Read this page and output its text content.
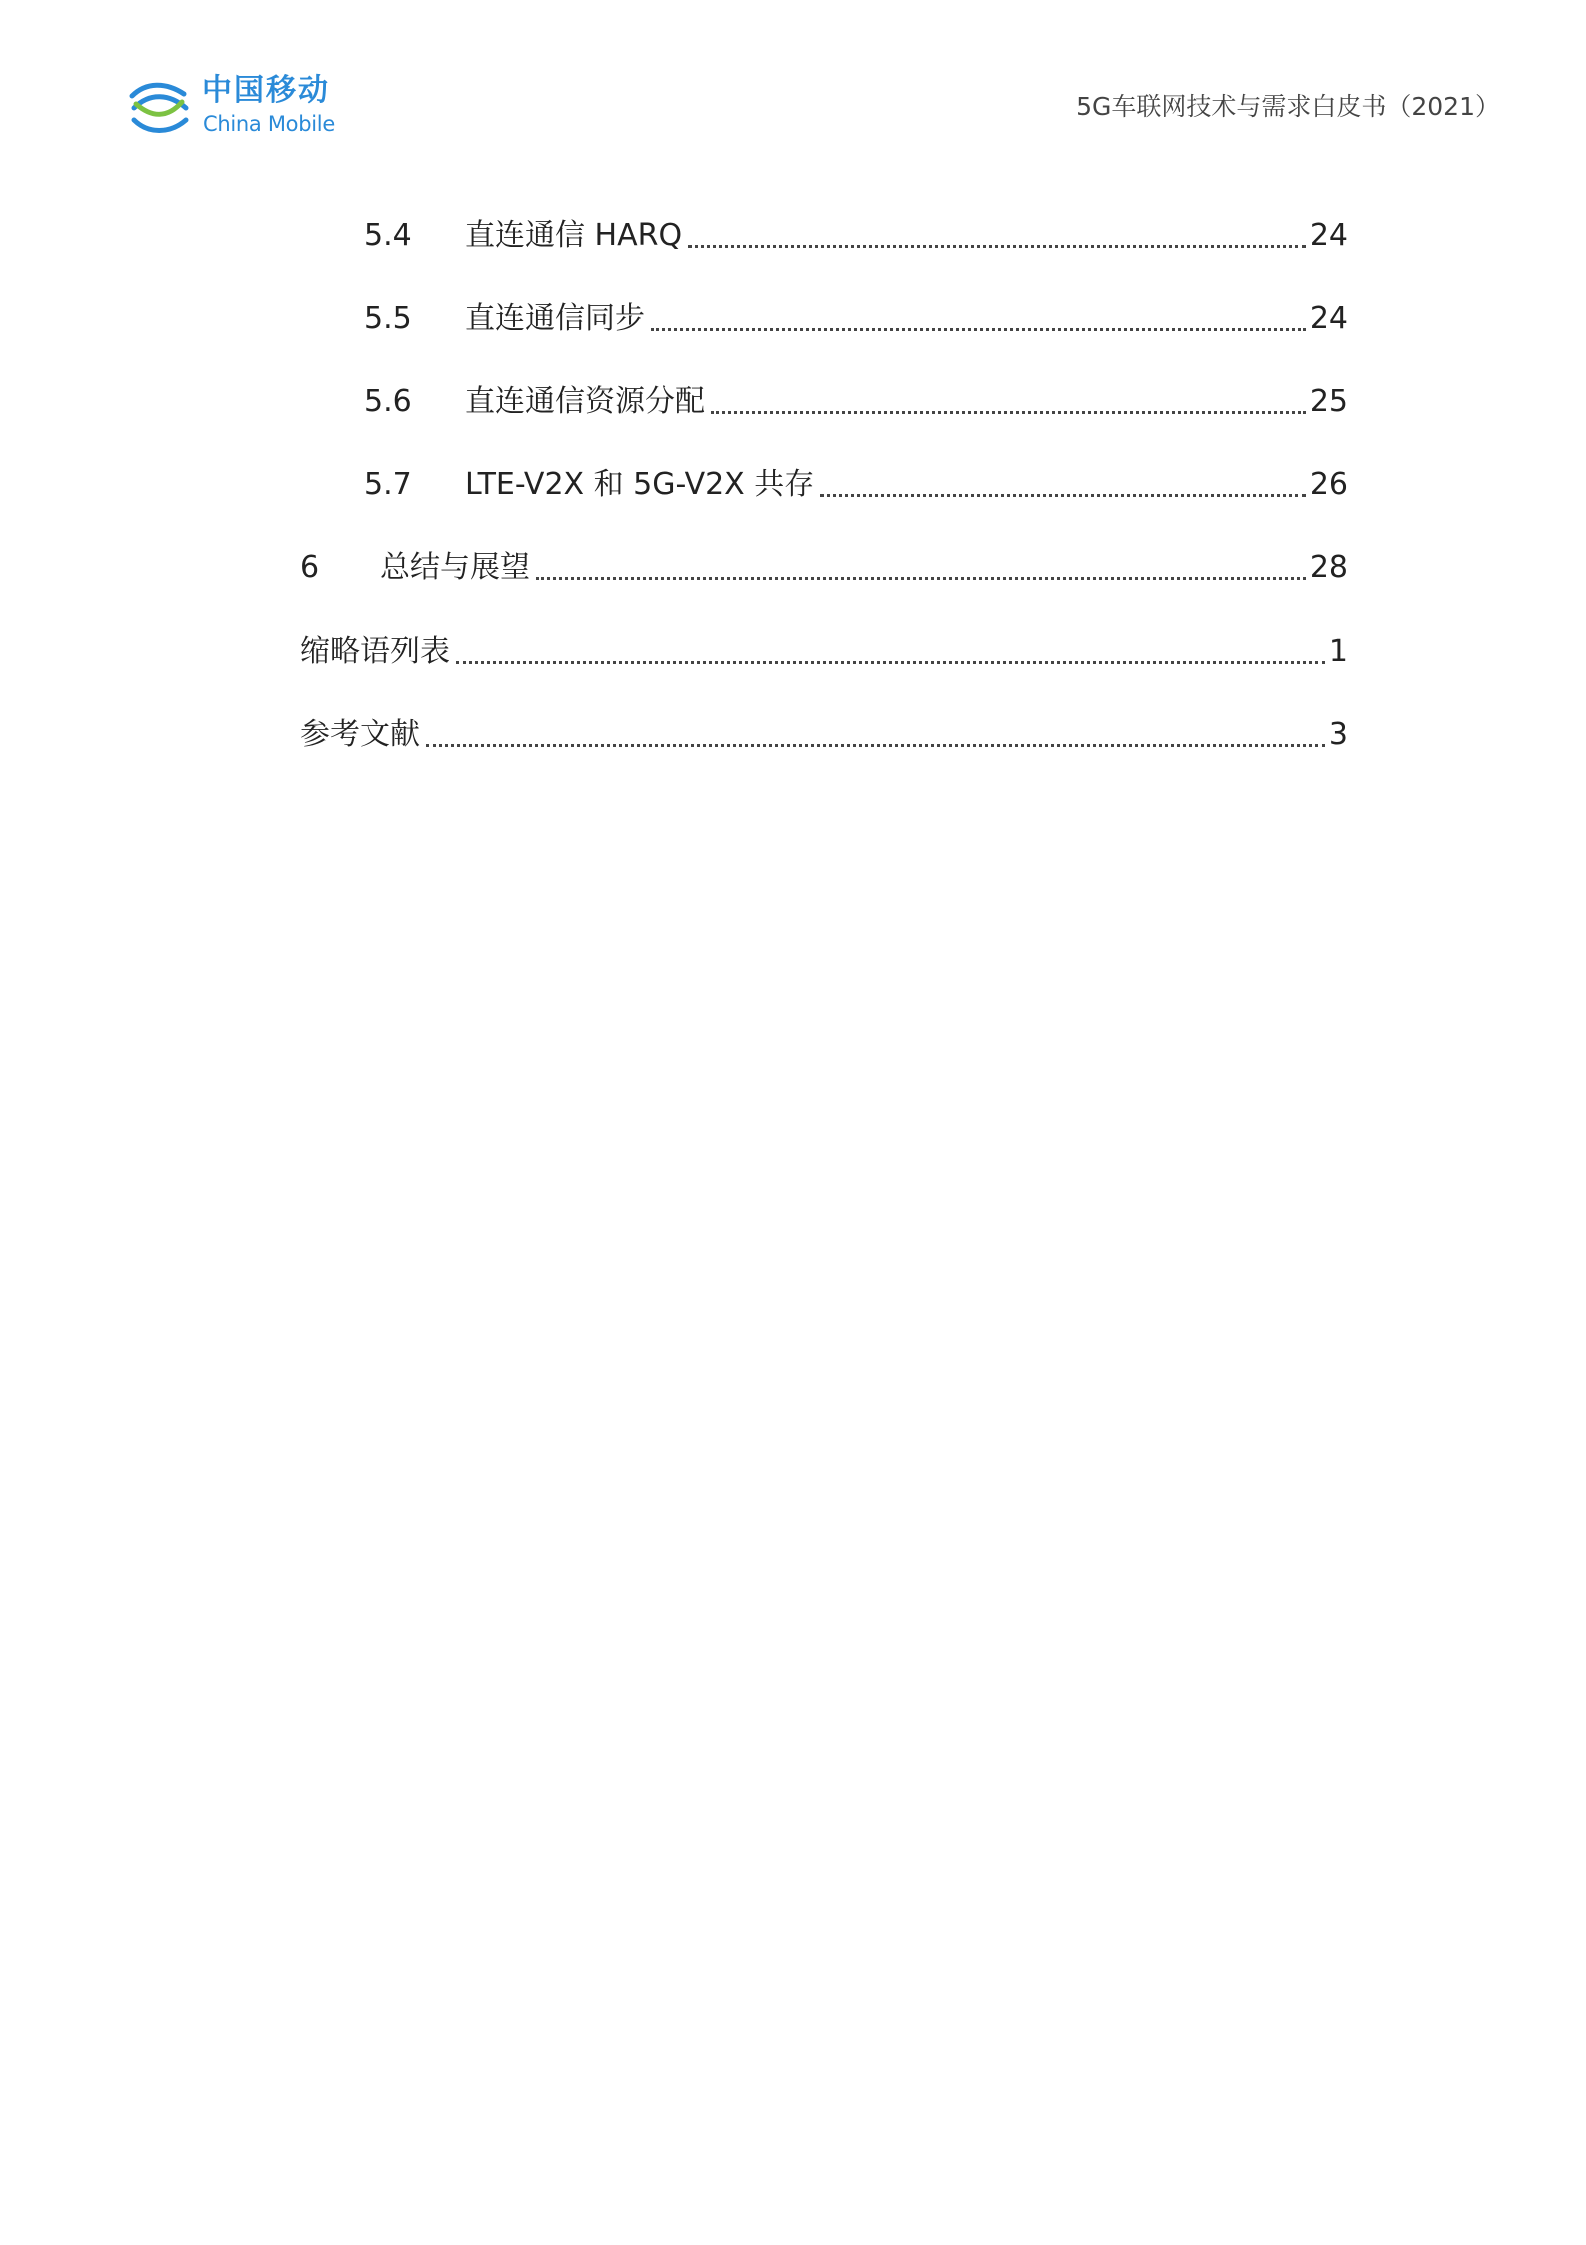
中国移动
China Mobile
5G车联网技术与需求白皮书（2021）
5.4	直连通信 HARQ	24
5.5	直连通信同步	24
5.6	直连通信资源分配	25
5.7	LTE-V2X 和 5G-V2X 共存	26
6	总结与展望	28
缩略语列表	1
参考文献	3
